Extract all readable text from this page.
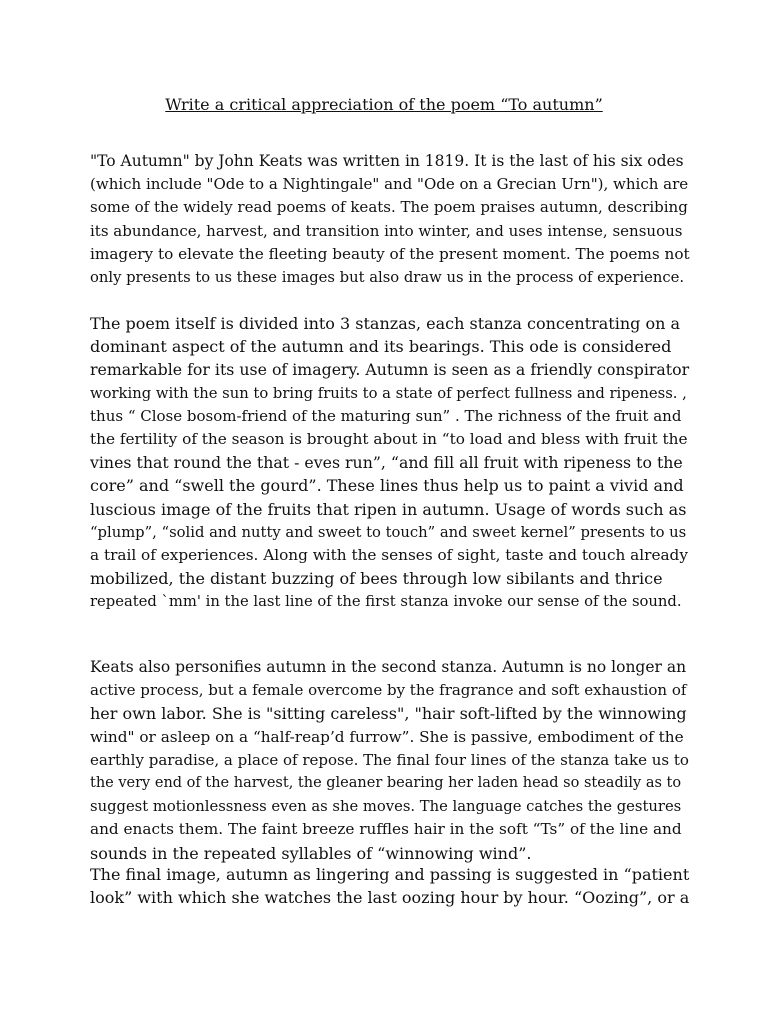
Write a critical appreciation of the poem “To autumn”

"To Autumn" by John Keats was written in 1819. It is the last of his six odes
(which include "Ode to a Nightingale" and "Ode on a Grecian Urn"), which are
some of the widely read poems of keats. The poem praises autumn, describing
its abundance, harvest, and transition into winter, and uses intense, sensuous
imagery to elevate the fleeting beauty of the present moment. The poems not
only presents to us these images but also draw us in the process of experience.

The poem itself is divided into 3 stanzas, each stanza concentrating on a
dominant aspect of the autumn and its bearings. This ode is considered
remarkable for its use of imagery. Autumn is seen as a friendly conspirator
working with the sun to bring fruits to a state of perfect fullness and ripeness. ,
thus “ Close bosom-friend of the maturing sun” . The richness of the fruit and
the fertility of the season is brought about in “to load and bless with fruit the
vines that round the that - eves run”, “and fill all fruit with ripeness to the
core” and “swell the gourd”. These lines thus help us to paint a vivid and
luscious image of the fruits that ripen in autumn. Usage of words such as
“plump”, “solid and nutty and sweet to touch” and sweet kernel” presents to us
a trail of experiences. Along with the senses of sight, taste and touch already
mobilized, the distant buzzing of bees through low sibilants and thrice
repeated `mm' in the last line of the first stanza invoke our sense of the sound.

Keats also personifies autumn in the second stanza. Autumn is no longer an
active process, but a female overcome by the fragrance and soft exhaustion of
her own labor. She is "sitting careless", "hair soft-lifted by the winnowing
wind" or asleep on a “half-reap’d furrow”. She is passive, embodiment of the
earthly paradise, a place of repose. The final four lines of the stanza take us to
the very end of the harvest, the gleaner bearing her laden head so steadily as to
suggest motionlessness even as she moves. The language catches the gestures
and enacts them. The faint breeze ruffles hair in the soft “Ts” of the line and
sounds in the repeated syllables of “winnowing wind”.

The final image, autumn as lingering and passing is suggested in “patient
look” with which she watches the last oozing hour by hour. “Oozing”, or a
